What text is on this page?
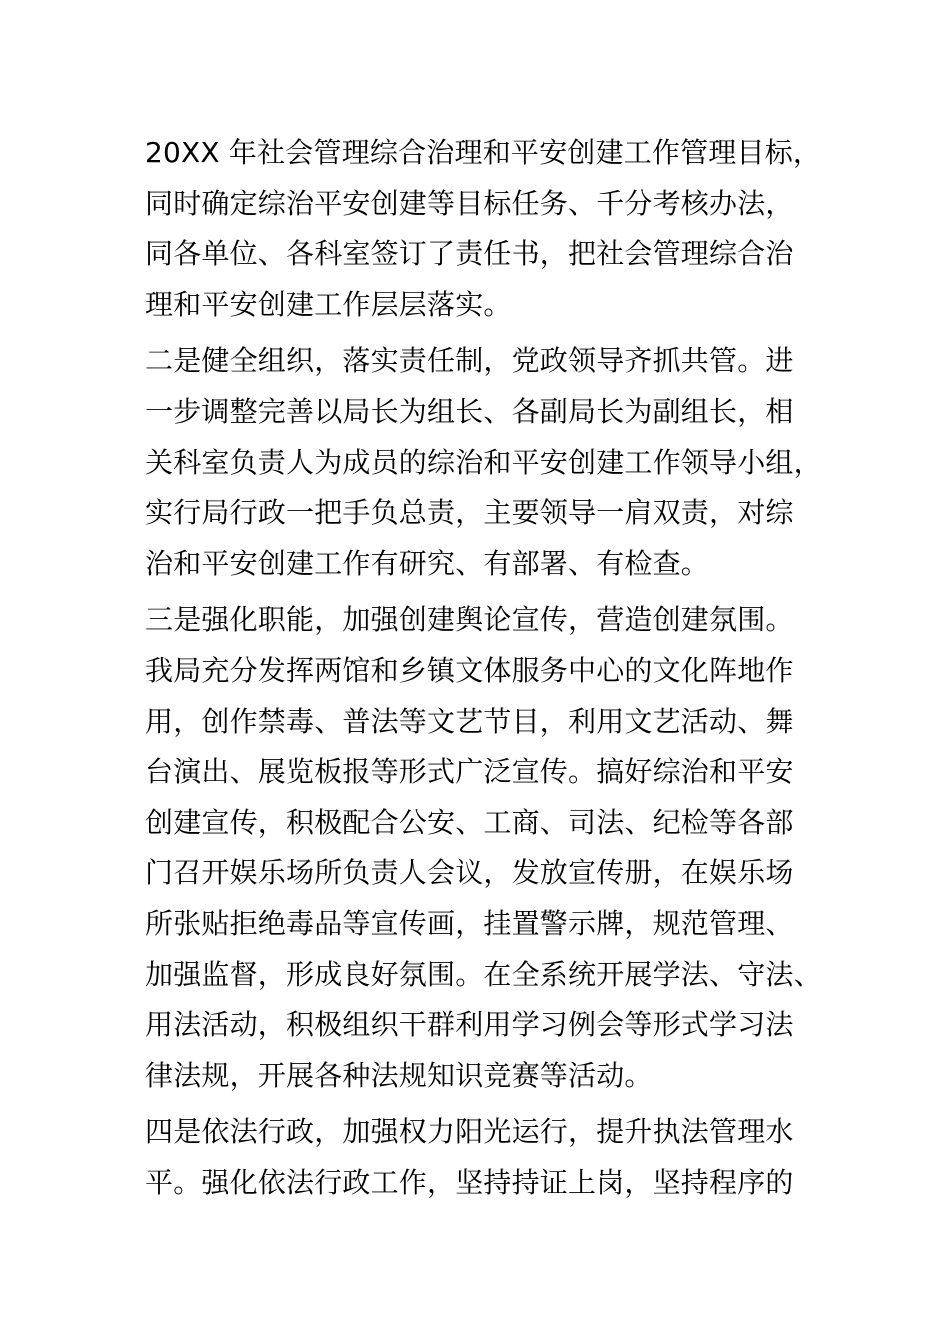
20XX 年社会管理综合治理和平安创建工作管理目标，
同时确定综治平安创建等目标任务、千分考核办法，
同各单位、各科室签订了责任书，把社会管理综合治
理和平安创建工作层层落实。
二是健全组织，落实责任制，党政领导齐抓共管。进
一步调整完善以局长为组长、各副局长为副组长，相
关科室负责人为成员的综治和平安创建工作领导小组，
实行局行政一把手负总责，主要领导一肩双责，对综
治和平安创建工作有研究、有部署、有检查。
三是强化职能，加强创建舆论宣传，营造创建氛围。
我局充分发挥两馆和乡镇文体服务中心的文化阵地作
用，创作禁毒、普法等文艺节目，利用文艺活动、舞
台演出、展览板报等形式广泛宣传。搞好综治和平安
创建宣传，积极配合公安、工商、司法、纪检等各部
门召开娱乐场所负责人会议，发放宣传册，在娱乐场
所张贴拒绝毒品等宣传画，挂置警示牌，规范管理、
加强监督，形成良好氛围。在全系统开展学法、守法、
用法活动，积极组织干群利用学习例会等形式学习法
律法规，开展各种法规知识竞赛等活动。
四是依法行政，加强权力阳光运行，提升执法管理水
平。强化依法行政工作，坚持持证上岗，坚持程序的
